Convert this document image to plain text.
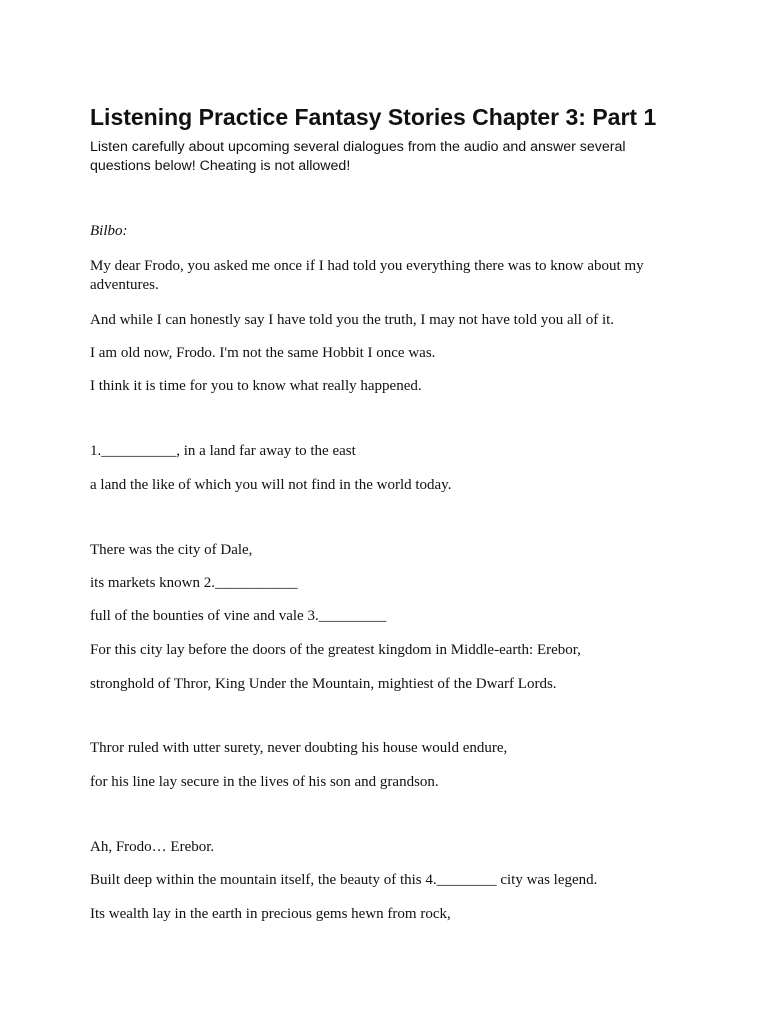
Listening Practice Fantasy Stories Chapter 3: Part 1

Listen carefully about upcoming several dialogues from the audio and answer several questions below! Cheating is not allowed!

Bilbo:

My dear Frodo, you asked me once if I had told you everything there was to know about my adventures.

And while I can honestly say I have told you the truth, I may not have told you all of it.

I am old now, Frodo. I'm not the same Hobbit I once was.

I think it is time for you to know what really happened.

1.__________, in a land far away to the east

a land the like of which you will not find in the world today.

There was the city of Dale,

its markets known 2.___________

full of the bounties of vine and vale 3._________

For this city lay before the doors of the greatest kingdom in Middle-earth: Erebor,

stronghold of Thror, King Under the Mountain, mightiest of the Dwarf Lords.

Thror ruled with utter surety, never doubting his house would endure,

for his line lay secure in the lives of his son and grandson.

Ah, Frodo… Erebor.

Built deep within the mountain itself, the beauty of this 4.________ city was legend.

Its wealth lay in the earth in precious gems hewn from rock,
